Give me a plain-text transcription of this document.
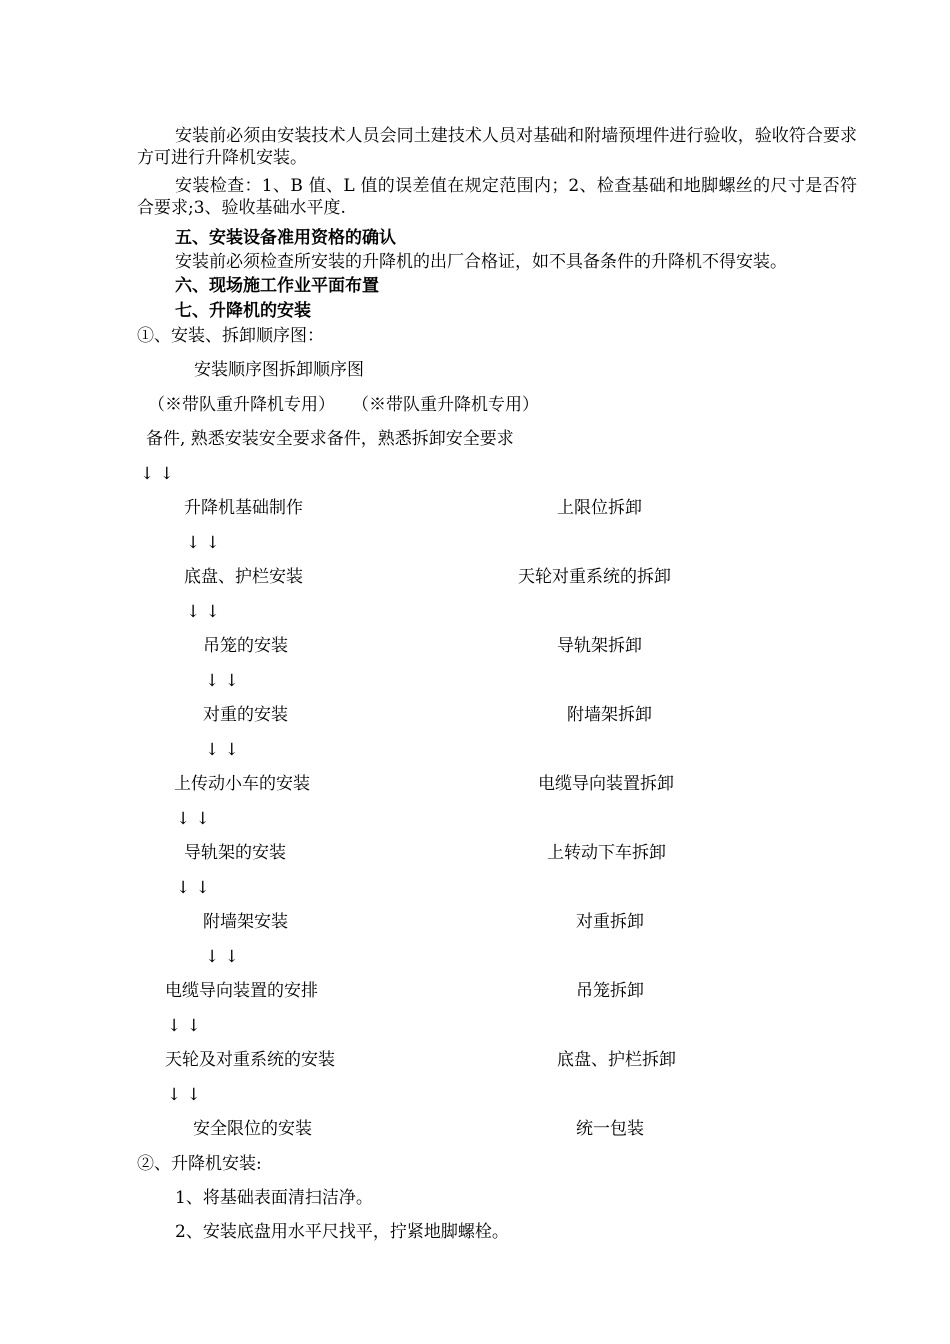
安装前必须由安装技术人员会同土建技术人员对基础和附墙预埋件进行验收，验收符合要求方可进行升降机安装。
安装检查：1、B 值、L 值的误差值在规定范围内；2、检查基础和地脚螺丝的尺寸是否符合要求;3、验收基础水平度.
五、安装设备准用资格的确认
安装前必须检查所安装的升降机的出厂合格证，如不具备条件的升降机不得安装。
六、现场施工作业平面布置
七、升降机的安装
①、安装、拆卸顺序图：
安装顺序图拆卸顺序图
（※带队重升降机专用）　　（※带队重升降机专用）
备件, 熟悉安装安全要求备件，熟悉拆卸安全要求
↓ ↓
升降机基础制作
↓ ↓
底盘、护栏安装
↓ ↓
吊笼的安装
↓ ↓
对重的安装
↓ ↓
上传动小车的安装
↓ ↓
导轨架的安装
↓ ↓
附墙架安装
↓ ↓
电缆导向装置的安排
↓ ↓
天轮及对重系统的安装
↓ ↓
安全限位的安装
上限位拆卸
天轮对重系统的拆卸
导轨架拆卸
附墙架拆卸
电缆导向装置拆卸
上转动下车拆卸
对重拆卸
吊笼拆卸
底盘、护栏拆卸
统一包装
②、升降机安装:
1、将基础表面清扫洁净。
2、安装底盘用水平尺找平，拧紧地脚螺栓。
